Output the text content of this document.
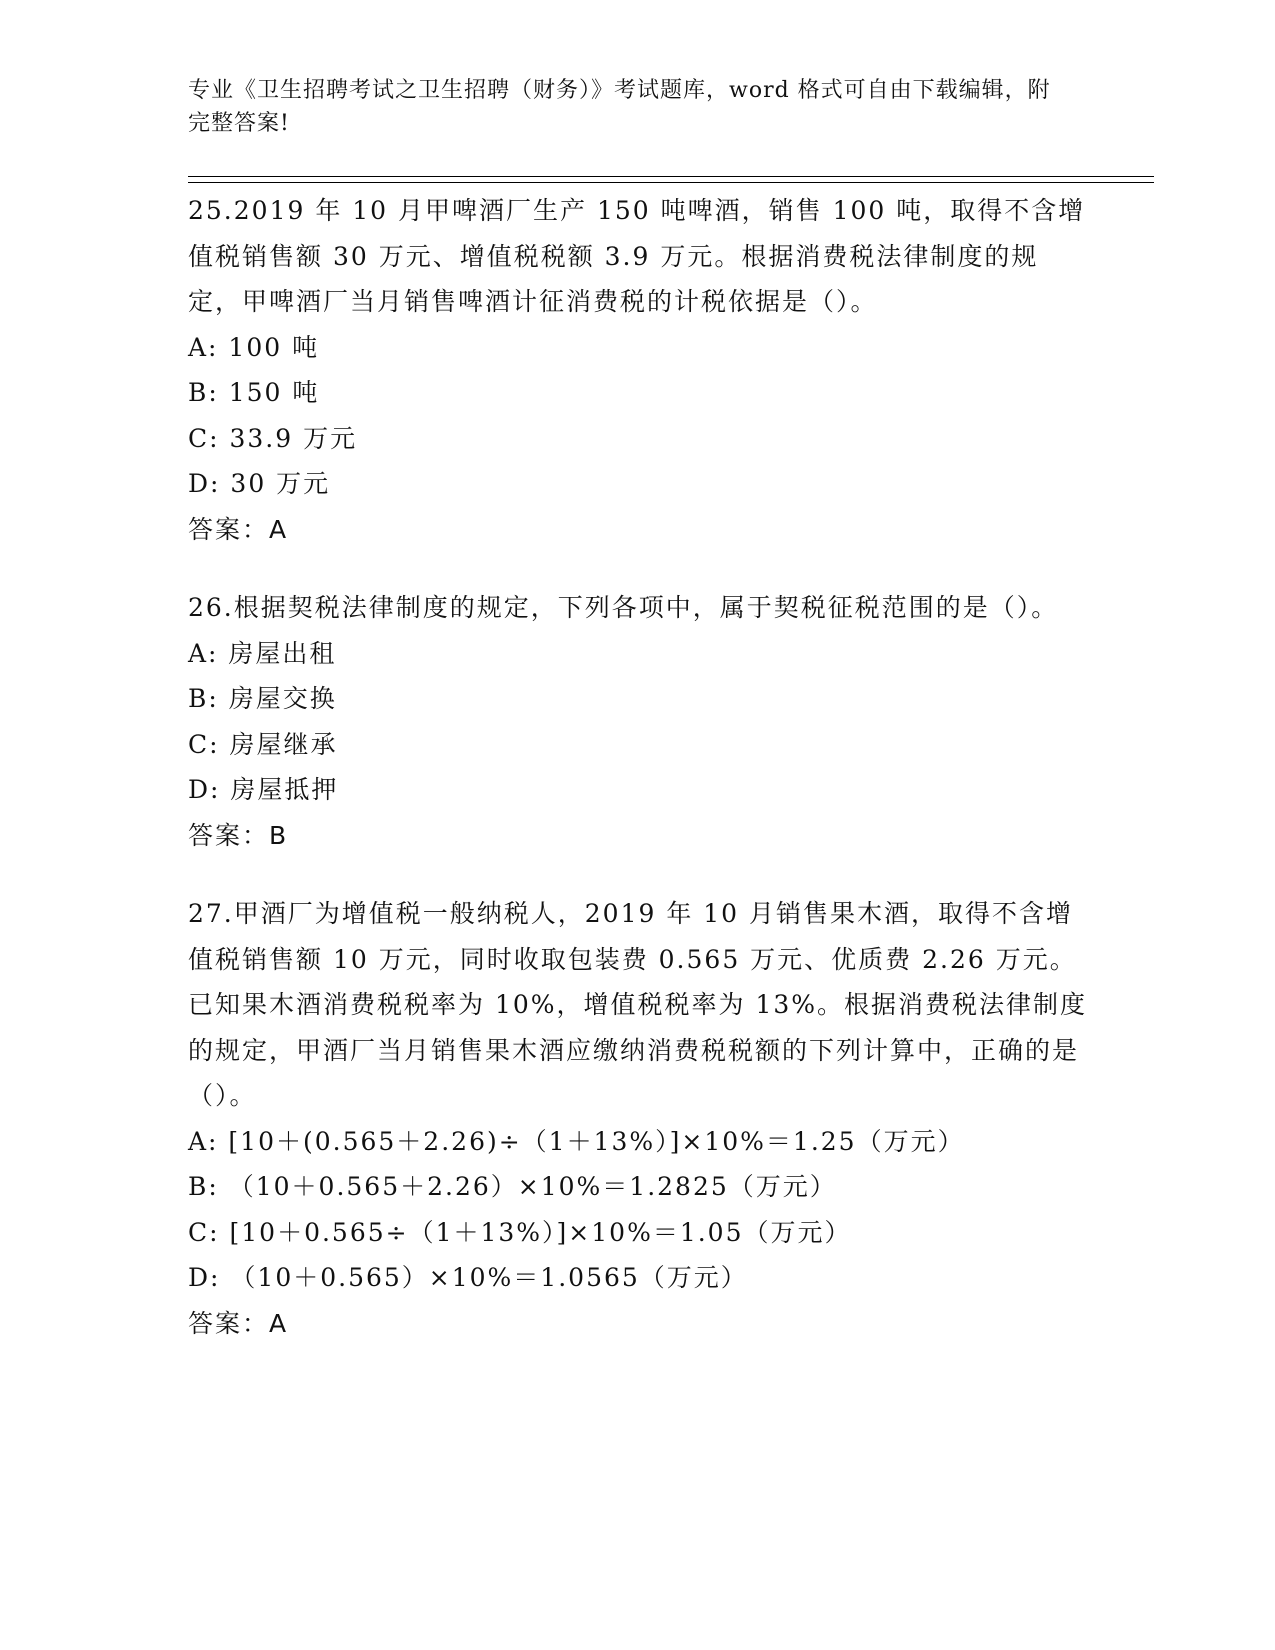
专业《卫生招聘考试之卫生招聘（财务）》考试题库，word 格式可自由下载编辑，附完整答案!

25.2019 年 10 月甲啤酒厂生产 150 吨啤酒，销售 100 吨，取得不含增值税销售额 30 万元、增值税税额 3.9 万元。根据消费税法律制度的规定，甲啤酒厂当月销售啤酒计征消费税的计税依据是（）。

A: 100 吨

B: 150 吨

C: 33.9 万元

D: 30 万元

答案：A

26.根据契税法律制度的规定，下列各项中，属于契税征税范围的是（）。

A: 房屋出租

B: 房屋交换

C: 房屋继承

D: 房屋抵押

答案：B

27.甲酒厂为增值税一般纳税人，2019 年 10 月销售果木酒，取得不含增值税销售额 10 万元，同时收取包装费 0.565 万元、优质费 2.26 万元。已知果木酒消费税税率为 10%，增值税税率为 13%。根据消费税法律制度的规定，甲酒厂当月销售果木酒应缴纳消费税税额的下列计算中，正确的是（）。

A: [10＋(0.565＋2.26)÷（1＋13%）]×10%＝1.25（万元）

B: （10＋0.565＋2.26）×10%＝1.2825（万元）

C: [10＋0.565÷（1＋13%）]×10%＝1.05（万元）

D: （10＋0.565）×10%＝1.0565（万元）

答案：A
